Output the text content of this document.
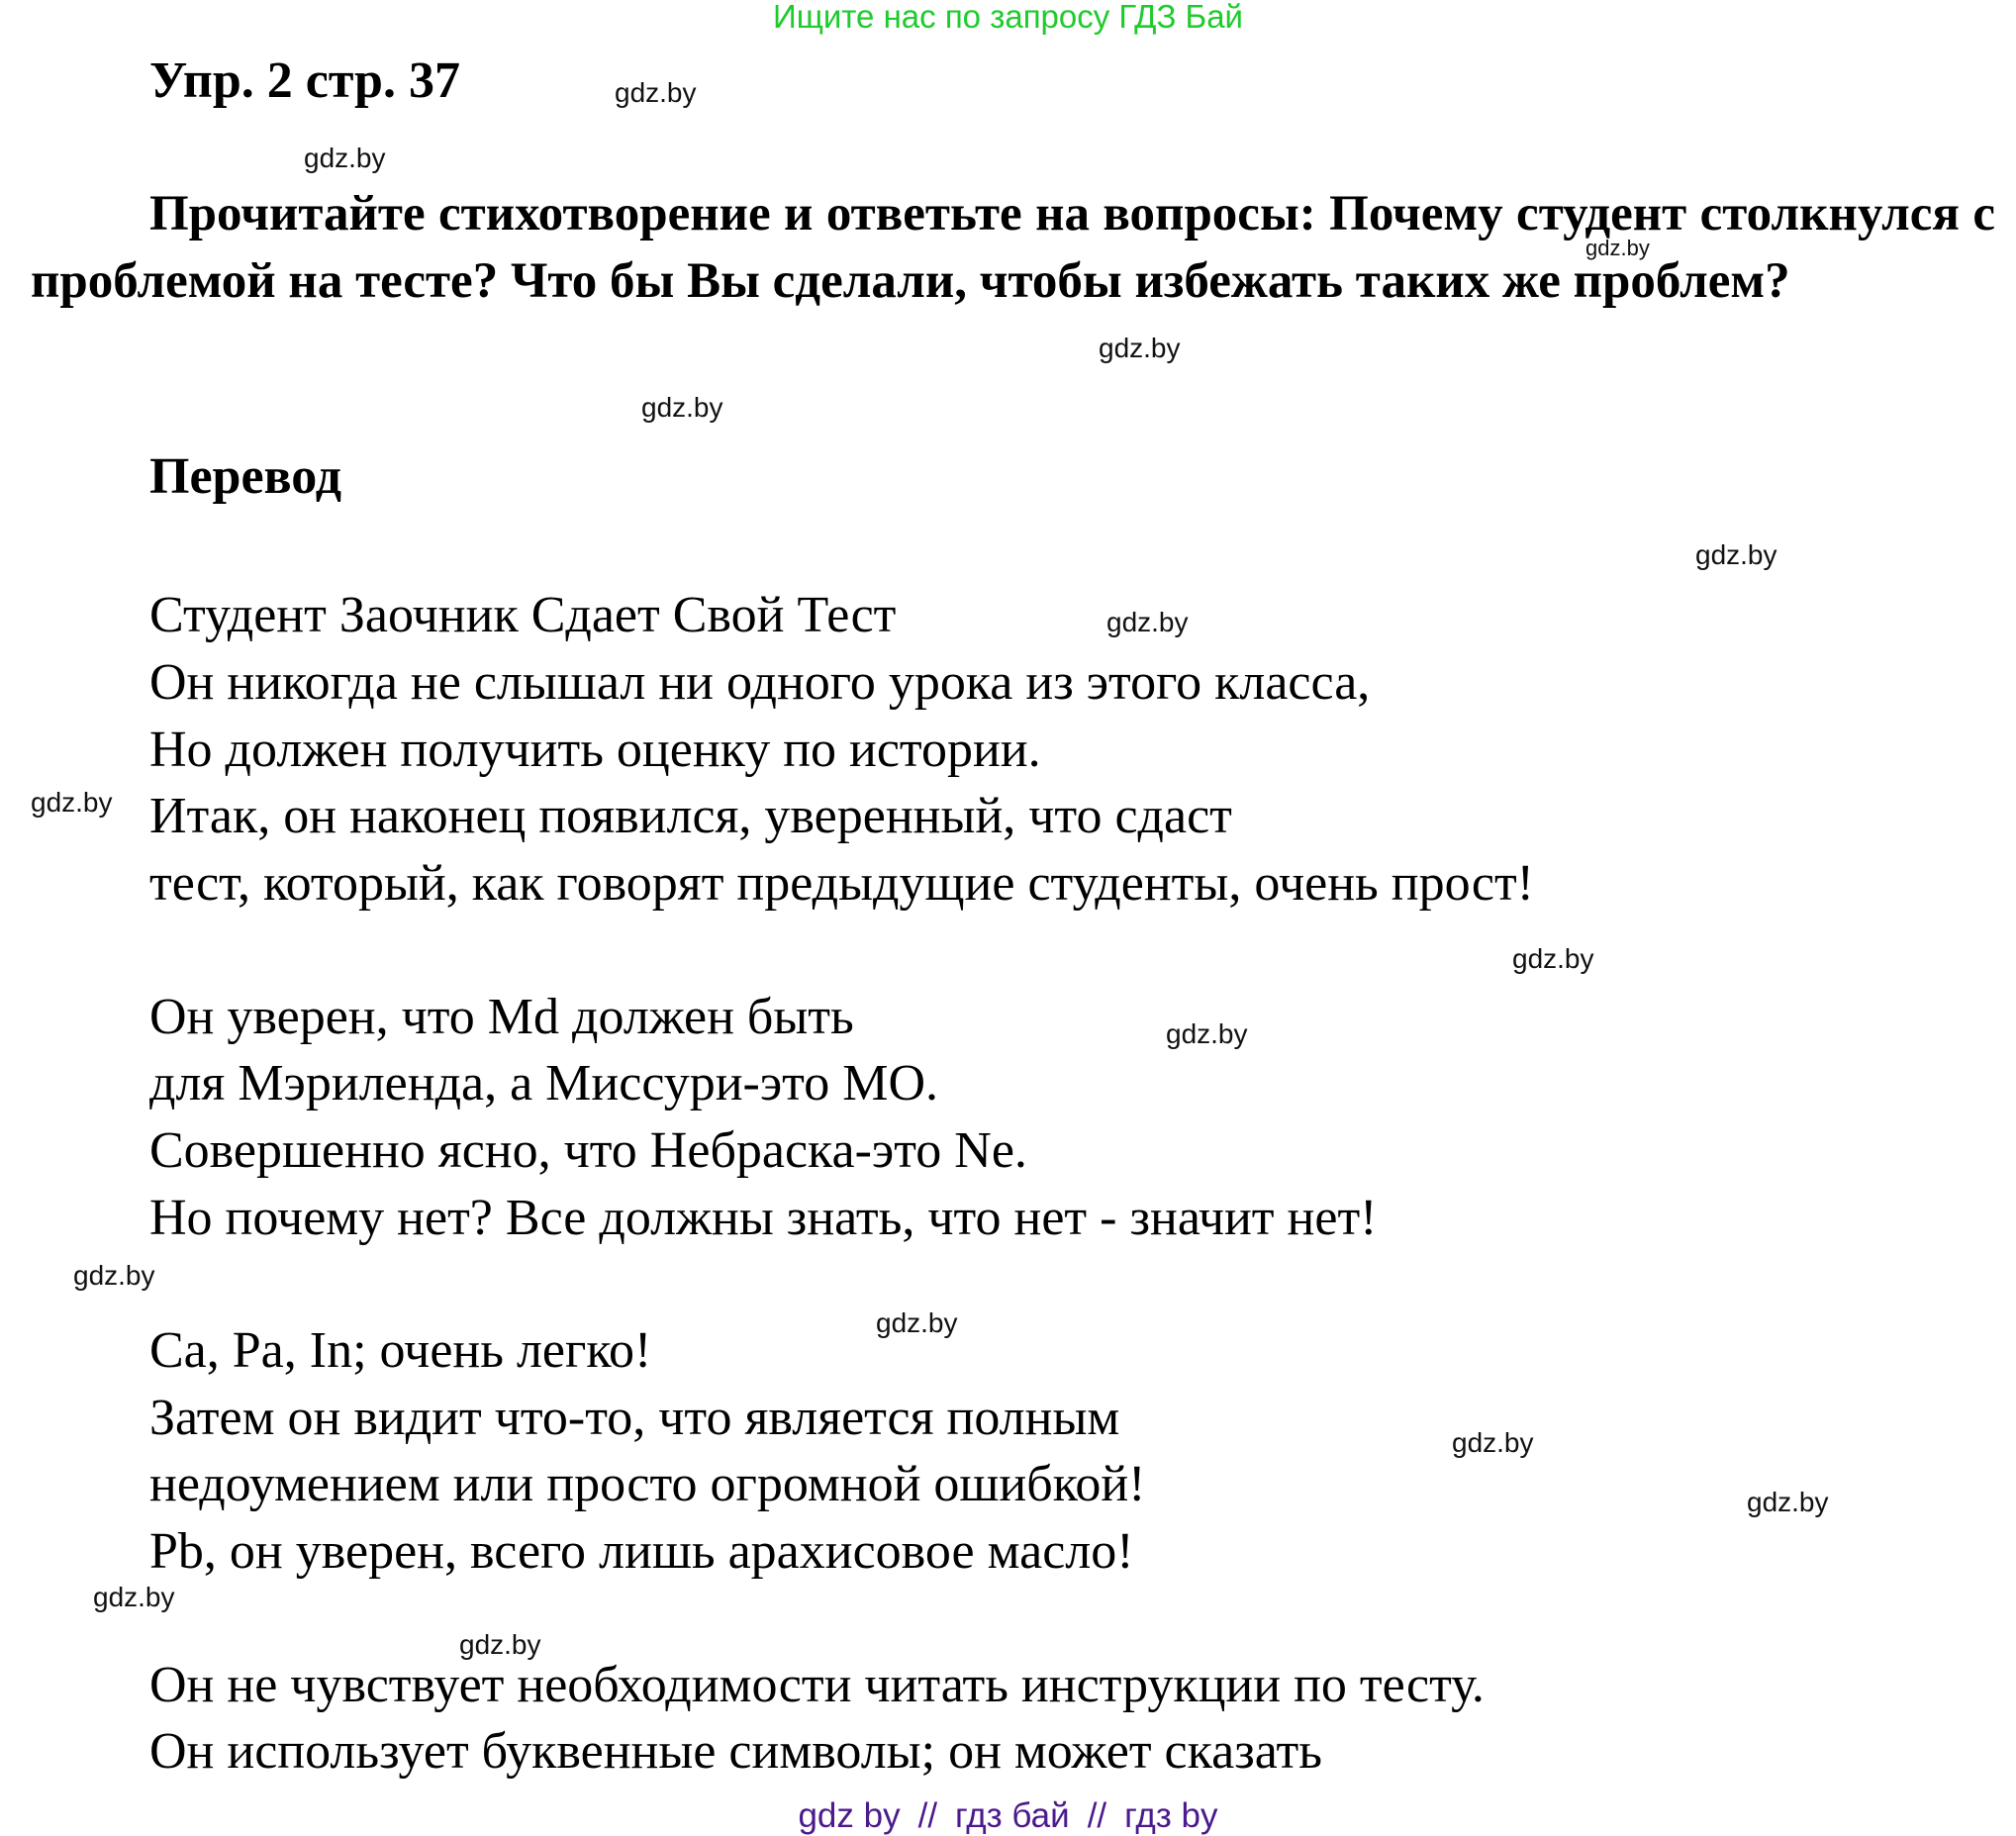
Ищите нас по запросу ГДЗ Бай
Упр. 2 стр. 37
Прочитайте стихотворение и ответьте на вопросы: Почему студент столкнулся с проблемой на тесте? Что бы Вы сделали, чтобы избежать таких же проблем?
Перевод
Студент Заочник Сдает Свой Тест
Он никогда не слышал ни одного урока из этого класса,
Но должен получить оценку по истории.
Итак, он наконец появился, уверенный, что сдаст
тест, который, как говорят предыдущие студенты, очень прост!
Он уверен, что Md должен быть
для Мэриленда, а Миссури-это MO.
Совершенно ясно, что Небраска-это Ne.
Но почему нет? Все должны знать, что нет - значит нет!
Ca, Pa, In; очень легко!
Затем он видит что-то, что является полным
недоумением или просто огромной ошибкой!
Pb, он уверен, всего лишь арахисовое масло!
Он не чувствует необходимости читать инструкции по тесту.
Он использует буквенные символы; он может сказать
gdz.by
gdz.by
gdz.by
gdz.by
gdz.by
gdz.by
gdz.by
gdz.by
gdz.by
gdz.by
gdz.by
gdz.by
gdz.by
gdz.by
gdz.by
gdz.by
gdz by // гдз бай // гдз by
